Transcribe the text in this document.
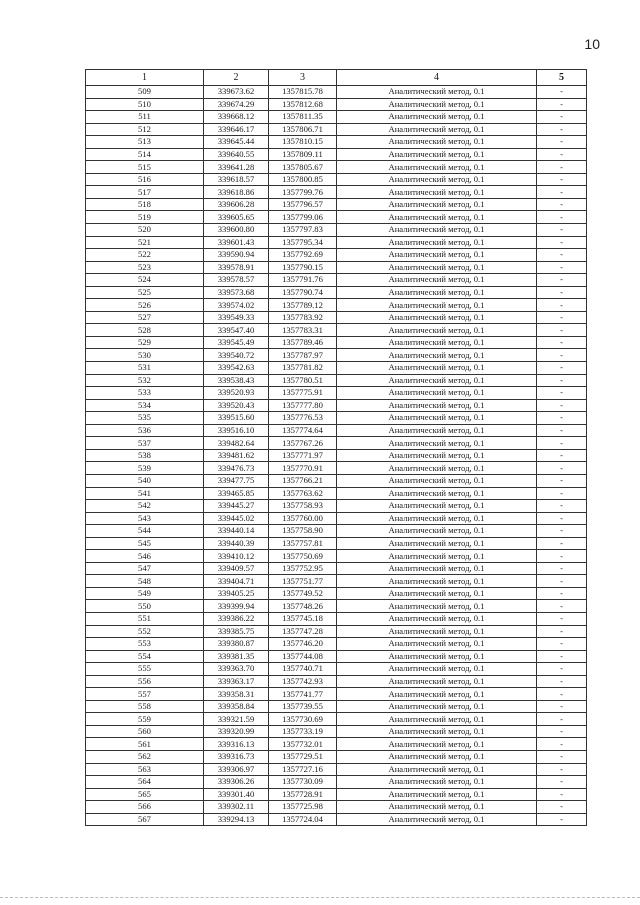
10
1	2	3	4	5
509	339673.62	1357815.78	Аналитический метод, 0.1	-
510	339674.29	1357812.68	Аналитический метод, 0.1	-
511	339668.12	1357811.35	Аналитический метод, 0.1	-
512	339646.17	1357806.71	Аналитический метод, 0.1	-
513	339645.44	1357810.15	Аналитический метод, 0.1	-
514	339640.55	1357809.11	Аналитический метод, 0.1	-
515	339641.28	1357805.67	Аналитический метод, 0.1	-
516	339618.57	1357800.85	Аналитический метод, 0.1	-
517	339618.86	1357799.76	Аналитический метод, 0.1	-
518	339606.28	1357796.57	Аналитический метод, 0.1	-
519	339605.65	1357799.06	Аналитический метод, 0.1	-
520	339600.80	1357797.83	Аналитический метод, 0.1	-
521	339601.43	1357795.34	Аналитический метод, 0.1	-
522	339590.94	1357792.69	Аналитический метод, 0.1	-
523	339578.91	1357790.15	Аналитический метод, 0.1	-
524	339578.57	1357791.76	Аналитический метод, 0.1	-
525	339573.68	1357790.74	Аналитический метод, 0.1	-
526	339574.02	1357789.12	Аналитический метод, 0.1	-
527	339549.33	1357783.92	Аналитический метод, 0.1	-
528	339547.40	1357783.31	Аналитический метод, 0.1	-
529	339545.49	1357789.46	Аналитический метод, 0.1	-
530	339540.72	1357787.97	Аналитический метод, 0.1	-
531	339542.63	1357781.82	Аналитический метод, 0.1	-
532	339538.43	1357780.51	Аналитический метод, 0.1	-
533	339520.93	1357775.91	Аналитический метод, 0.1	-
534	339520.43	1357777.80	Аналитический метод, 0.1	-
535	339515.60	1357776.53	Аналитический метод, 0.1	-
536	339516.10	1357774.64	Аналитический метод, 0.1	-
537	339482.64	1357767.26	Аналитический метод, 0.1	-
538	339481.62	1357771.97	Аналитический метод, 0.1	-
539	339476.73	1357770.91	Аналитический метод, 0.1	-
540	339477.75	1357766.21	Аналитический метод, 0.1	-
541	339465.85	1357763.62	Аналитический метод, 0.1	-
542	339445.27	1357758.93	Аналитический метод, 0.1	-
543	339445.02	1357760.00	Аналитический метод, 0.1	-
544	339440.14	1357758.90	Аналитический метод, 0.1	-
545	339440.39	1357757.81	Аналитический метод, 0.1	-
546	339410.12	1357750.69	Аналитический метод, 0.1	-
547	339409.57	1357752.95	Аналитический метод, 0.1	-
548	339404.71	1357751.77	Аналитический метод, 0.1	-
549	339405.25	1357749.52	Аналитический метод, 0.1	-
550	339399.94	1357748.26	Аналитический метод, 0.1	-
551	339386.22	1357745.18	Аналитический метод, 0.1	-
552	339385.75	1357747.28	Аналитический метод, 0.1	-
553	339380.87	1357746.20	Аналитический метод, 0.1	-
554	339381.35	1357744.08	Аналитический метод, 0.1	-
555	339363.70	1357740.71	Аналитический метод, 0.1	-
556	339363.17	1357742.93	Аналитический метод, 0.1	-
557	339358.31	1357741.77	Аналитический метод, 0.1	-
558	339358.84	1357739.55	Аналитический метод, 0.1	-
559	339321.59	1357730.69	Аналитический метод, 0.1	-
560	339320.99	1357733.19	Аналитический метод, 0.1	-
561	339316.13	1357732.01	Аналитический метод, 0.1	-
562	339316.73	1357729.51	Аналитический метод, 0.1	-
563	339306.97	1357727.16	Аналитический метод, 0.1	-
564	339306.26	1357730.09	Аналитический метод, 0.1	-
565	339301.40	1357728.91	Аналитический метод, 0.1	-
566	339302.11	1357725.98	Аналитический метод, 0.1	-
567	339294.13	1357724.04	Аналитический метод, 0.1	-
